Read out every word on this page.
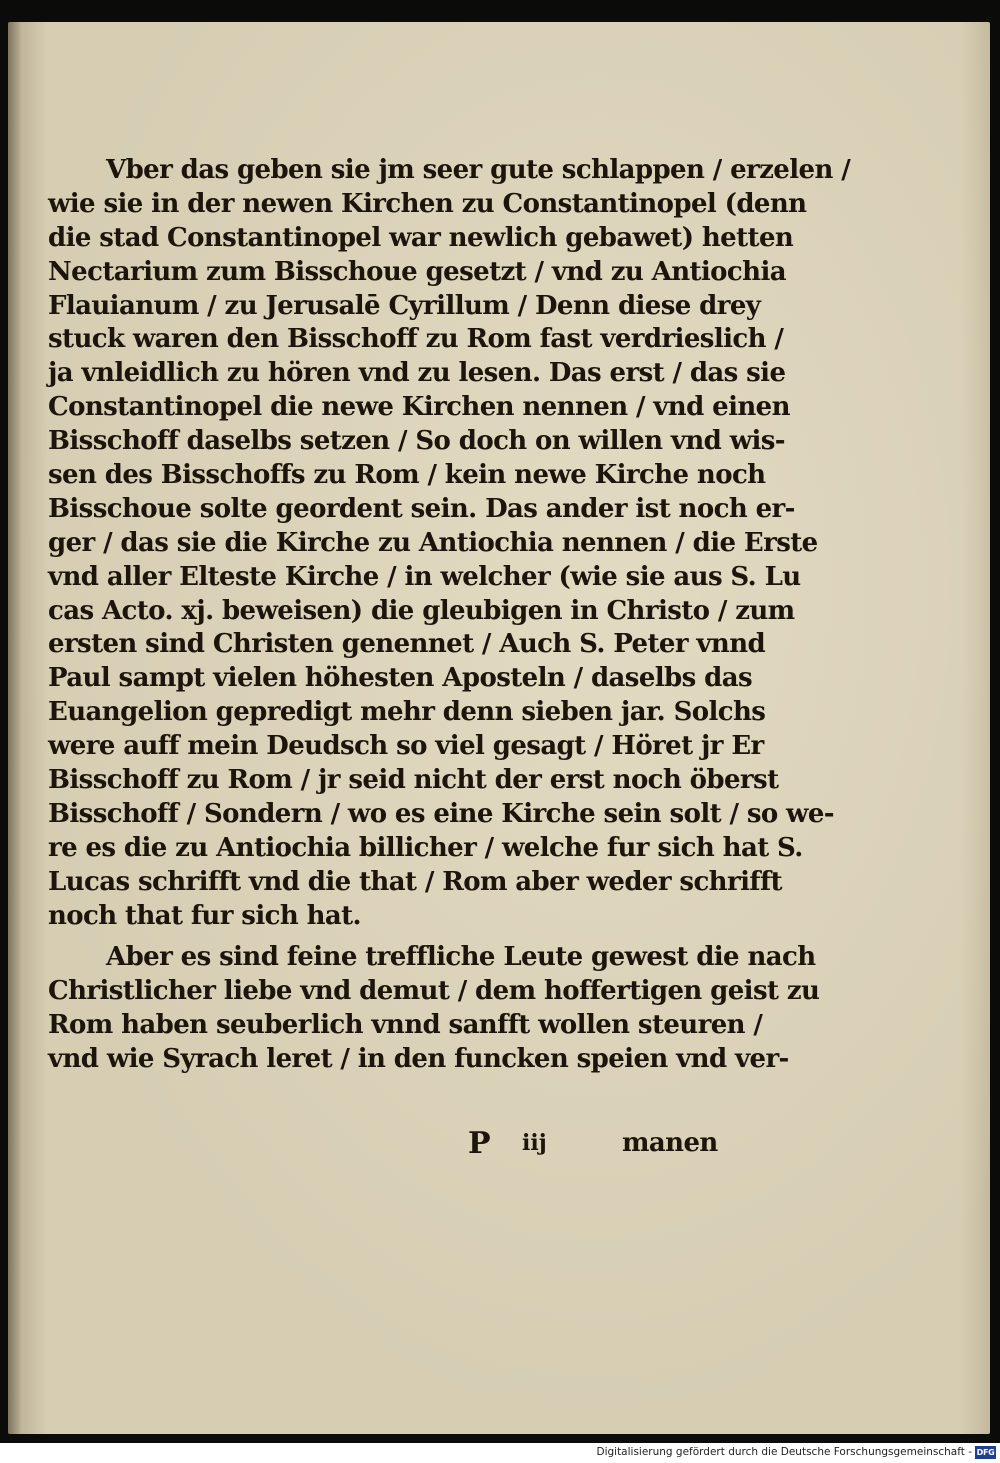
Vber das geben sie jm seer gute schlappen / erzelen /
wie sie in der newen Kirchen zu Constantinopel (denn
die stad Constantinopel war newlich gebawet) hetten
Nectarium zum Bisschoue gesetzt / vnd zu Antiochia
Flauianum / zu Jerusalē Cyrillum / Denn diese drey
stuck waren den Bisschoff zu Rom fast verdrieslich /
ja vnleidlich zu hören vnd zu lesen. Das erst / das sie
Constantinopel die newe Kirchen nennen / vnd einen
Bisschoff daselbs setzen / So doch on willen vnd wis-
sen des Bisschoffs zu Rom / kein newe Kirche noch
Bisschoue solte geordent sein. Das ander ist noch er-
ger / das sie die Kirche zu Antiochia nennen / die Erste
vnd aller Elteste Kirche / in welcher (wie sie aus S. Lu
cas Acto. xj. beweisen) die gleubigen in Christo / zum
ersten sind Christen genennet / Auch S. Peter vnnd
Paul sampt vielen höhesten Aposteln / daselbs das
Euangelion gepredigt mehr denn sieben jar. Solchs
were auff mein Deudsch so viel gesagt / Höret jr Er
Bisschoff zu Rom / jr seid nicht der erst noch öberst
Bisschoff / Sondern / wo es eine Kirche sein solt / so we-
re es die zu Antiochia billicher / welche fur sich hat S.
Lucas schrifft vnd die that / Rom aber weder schrifft
noch that fur sich hat.
Aber es sind feine treffliche Leute gewest die nach
Christlicher liebe vnd demut / dem hoffertigen geist zu
Rom haben seuberlich vnnd sanfft wollen steuren /
vnd wie Syrach leret / in den funcken speien vnd ver-
P iij	manen
Digitalisierung gefördert durch die Deutsche Forschungsgemeinschaft - DFG
